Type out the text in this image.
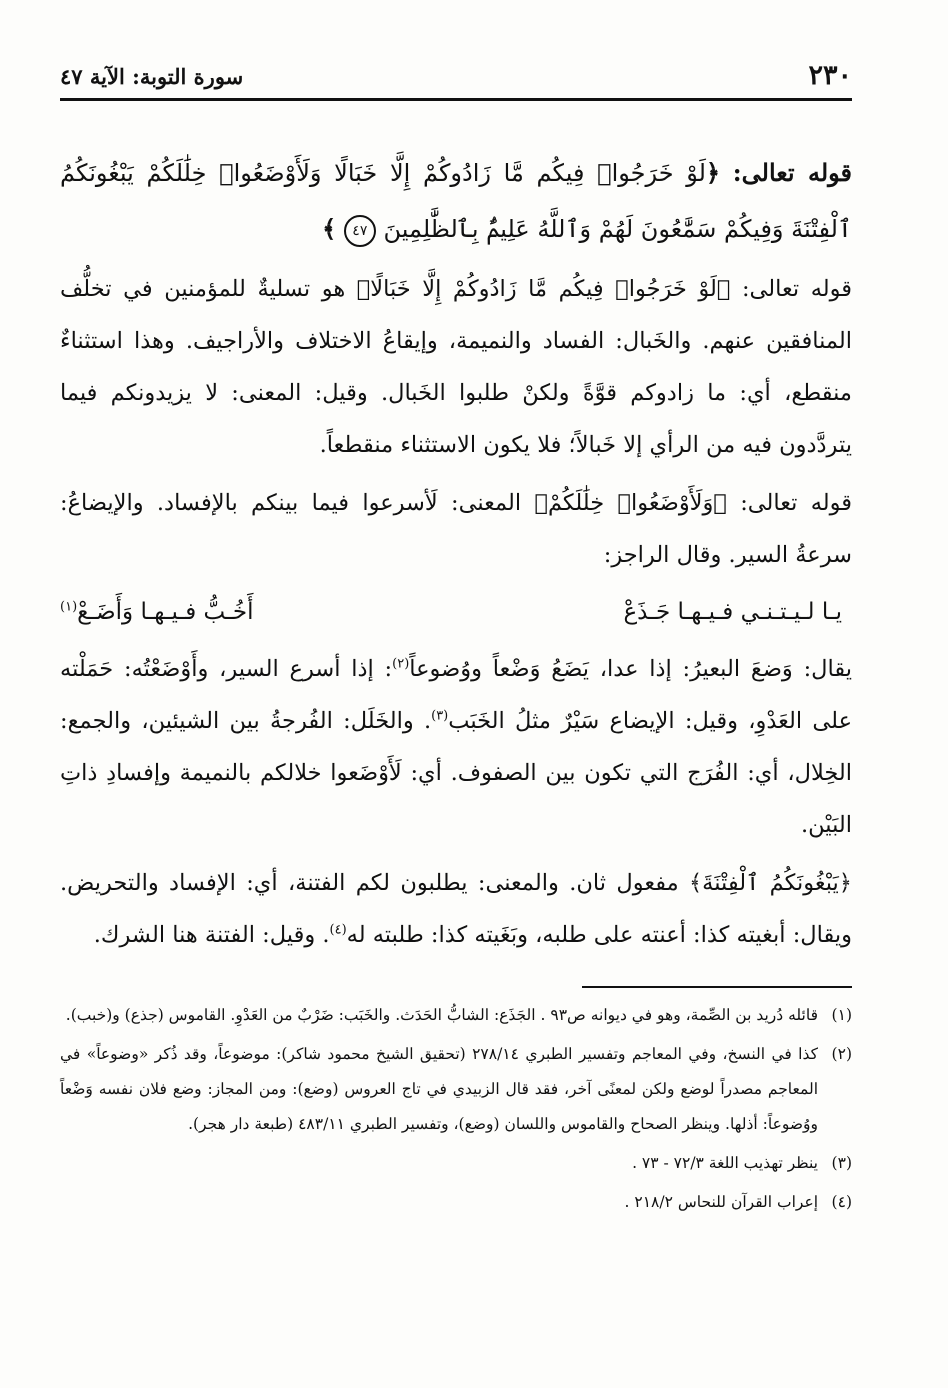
٢٣٠
سورة التوبة: الآية ٤٧

قوله تعالى: ﴿لَوْ خَرَجُوا۟ فِيكُم مَّا زَادُوكُمْ إِلَّا خَبَالًا وَلَأَوْضَعُوا۟ خِلَٰلَكُمْ يَبْغُونَكُمُ ٱلْفِتْنَةَ وَفِيكُمْ سَمَّٰعُونَ لَهُمْ وَٱللَّهُ عَلِيمٌۢ بِٱلظَّٰلِمِينَ ٤٧ ﴾

قوله تعالى: ﴿لَوْ خَرَجُوا۟ فِيكُم مَّا زَادُوكُمْ إِلَّا خَبَالًا﴾ هو تسليةٌ للمؤمنين في تخلُّف المنافقين عنهم. والخَبال: الفساد والنميمة، وإيقاعُ الاختلاف والأراجيف. وهذا استثناءٌ منقطع، أي: ما زادوكم قوَّةً ولكنْ طلبوا الخَبال. وقيل: المعنى: لا يزيدونكم فيما يتردَّدون فيه من الرأي إلا خَبالاً؛ فلا يكون الاستثناء منقطعاً.

قوله تعالى: ﴿وَلَأَوْضَعُوا۟ خِلَٰلَكُمْ﴾ المعنى: لَأسرعوا فيما بينكم بالإفساد. والإيضاعُ: سرعةُ السير. وقال الراجز:

يـا لـيـتـنـي فـيـهـا جَـذَعْ
أَخُـبُّ فـيـهـا وَأَضَـعْ$^{(١)}$

يقال: وَضعَ البعيرُ: إذا عدا، يَضَعُ وَضْعاً ووُضوعاً$^{(٢)}$: إذا أسرع السير، وأَوْضَعْتُه: حَمَلْته على العَدْوِ، وقيل: الإيضاع سَيْرٌ مثلُ الخَبَب$^{(٣)}$. والخَلَل: الفُرجةُ بين الشيئين، والجمع: الخِلال، أي: الفُرَج التي تكون بين الصفوف. أي: لَأَوْضَعوا خلالكم بالنميمة وإفسادِ ذاتِ البَيْن.

﴿يَبْغُونَكُمُ ٱلْفِتْنَةَ﴾ مفعول ثان. والمعنى: يطلبون لكم الفتنة، أي: الإفساد والتحريض. ويقال: أبغيته كذا: أعنته على طلبه، وبَغَيته كذا: طلبته له$^{(٤)}$. وقيل: الفتنة هنا الشرك.

(١)
قائله دُريد بن الصِّمة، وهو في ديوانه ص٩٣ . الجَذَع: الشابُّ الحَدَث. والخَبَب: ضَرْبٌ من العَدْوِ. القاموس (جذع) و(خبب).
(٢)
كذا في النسخ، وفي المعاجم وتفسير الطبري ٢٧٨/١٤ (تحقيق الشيخ محمود شاكر): موضوعاً، وقد ذُكر «وضوعاً» في المعاجم مصدراً لوضع ولكن لمعنًى آخر، فقد قال الزبيدي في تاج العروس (وضع): ومن المجاز: وضع فلان نفسه وَضْعاً ووُضوعاً: أذلها. وينظر الصحاح والقاموس واللسان (وضع)، وتفسير الطبري ٤٨٣/١١ (طبعة دار هجر).
(٣)
ينظر تهذيب اللغة ٧٢/٣ - ٧٣ .
(٤)
إعراب القرآن للنحاس ٢١٨/٢ .
